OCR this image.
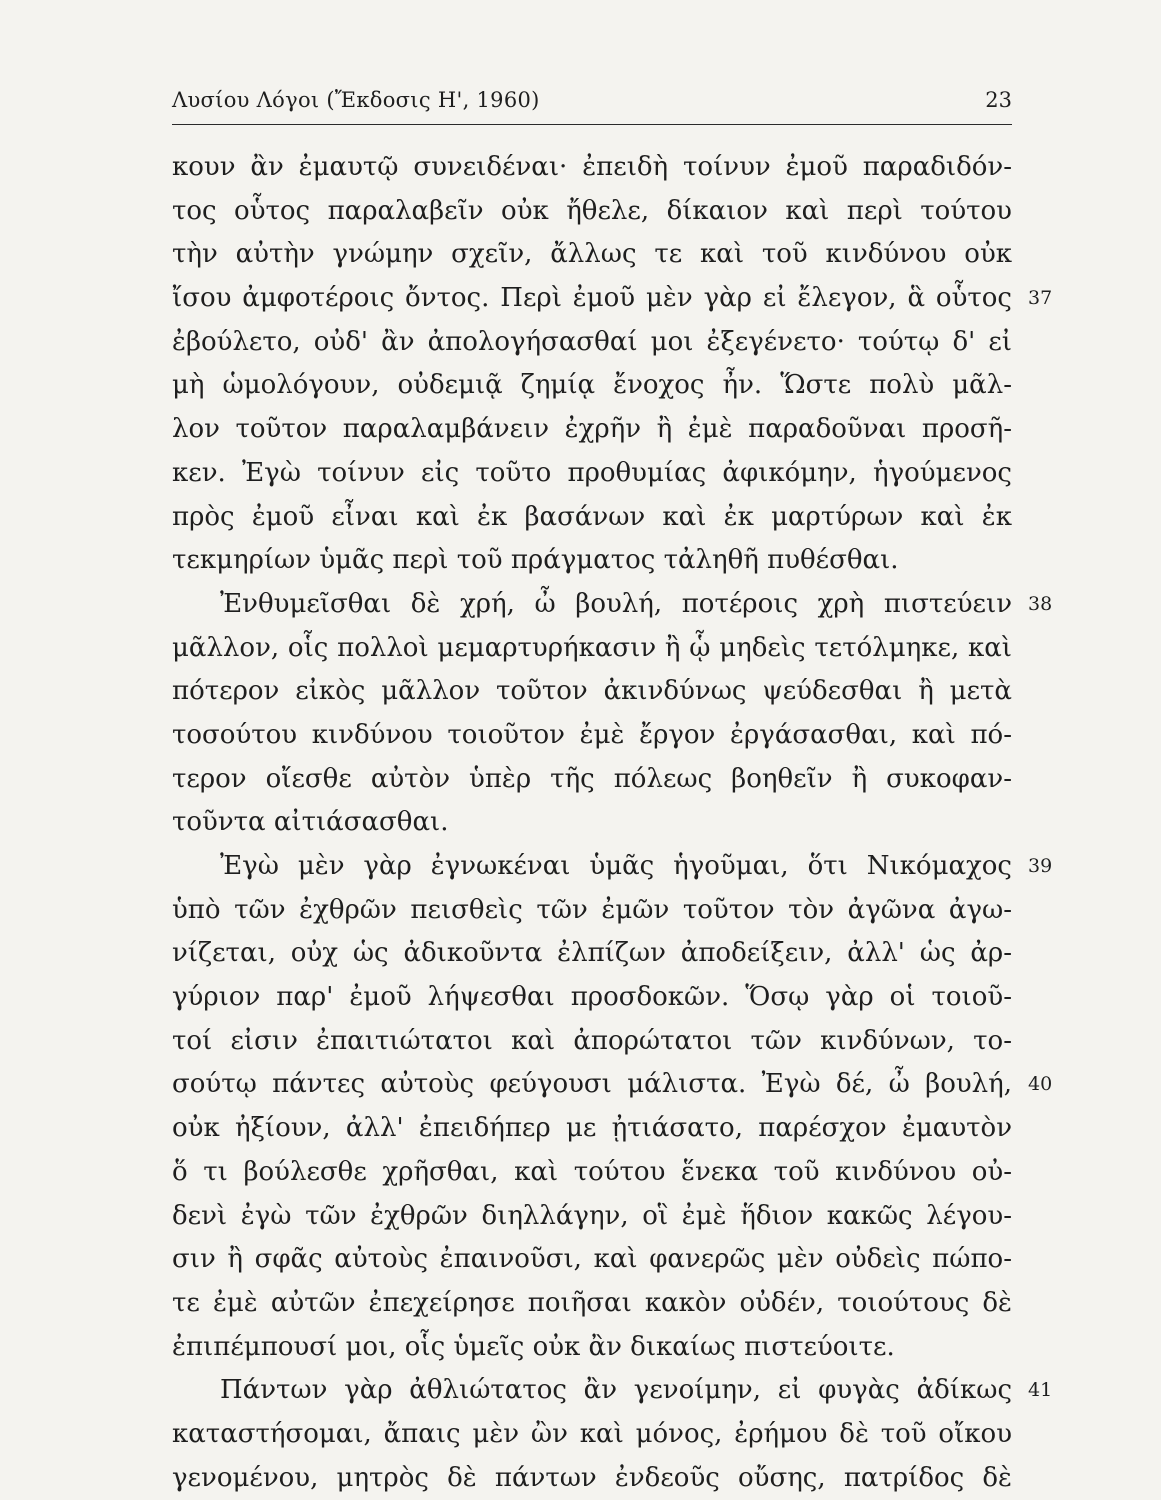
Λυσίου Λόγοι (Ἔκδοσις Η', 1960)	23
κουν ἂν ἐμαυτῷ συνειδέναι· ἐπειδὴ τοίνυν ἐμοῦ παραδιδόν-
τος οὗτος παραλαβεῖν οὐκ ἤθελε, δίκαιον καὶ περὶ τούτου
τὴν αὐτὴν γνώμην σχεῖν, ἄλλως τε καὶ τοῦ κινδύνου οὐκ
ἴσου ἀμφοτέροις ὄντος. Περὶ ἐμοῦ μὲν γὰρ εἰ ἔλεγον, ἃ οὗτος 37
ἐβούλετο, οὐδ' ἂν ἀπολογήσασθαί μοι ἐξεγένετο· τούτῳ δ' εἰ
μὴ ὡμολόγουν, οὐδεμιᾷ ζημίᾳ ἔνοχος ἦν. Ὥστε πολὺ μᾶλ-
λον τοῦτον παραλαμβάνειν ἐχρῆν ἢ ἐμὲ παραδοῦναι προσῆ-
κεν. Ἐγὼ τοίνυν εἰς τοῦτο προθυμίας ἀφικόμην, ἡγούμενος
πρὸς ἐμοῦ εἶναι καὶ ἐκ βασάνων καὶ ἐκ μαρτύρων καὶ ἐκ
τεκμηρίων ὑμᾶς περὶ τοῦ πράγματος τἀληθῆ πυθέσθαι.
Ἐνθυμεῖσθαι δὲ χρή, ὦ βουλή, ποτέροις χρὴ πιστεύειν 38
μᾶλλον, οἷς πολλοὶ μεμαρτυρήκασιν ἢ ᾧ μηδεὶς τετόλμηκε, καὶ
πότερον εἰκὸς μᾶλλον τοῦτον ἀκινδύνως ψεύδεσθαι ἢ μετὰ
τοσούτου κινδύνου τοιοῦτον ἐμὲ ἔργον ἐργάσασθαι, καὶ πό-
τερον οἴεσθε αὐτὸν ὑπὲρ τῆς πόλεως βοηθεῖν ἢ συκοφαν-
τοῦντα αἰτιάσασθαι.
Ἐγὼ μὲν γὰρ ἐγνωκέναι ὑμᾶς ἡγοῦμαι, ὅτι Νικόμαχος 39
ὑπὸ τῶν ἐχθρῶν πεισθεὶς τῶν ἐμῶν τοῦτον τὸν ἀγῶνα ἀγω-
νίζεται, οὐχ ὡς ἀδικοῦντα ἐλπίζων ἀποδείξειν, ἀλλ' ὡς ἀρ-
γύριον παρ' ἐμοῦ λήψεσθαι προσδοκῶν. Ὅσῳ γὰρ οἱ τοιοῦ-
τοί εἰσιν ἐπαιτιώτατοι καὶ ἀπορώτατοι τῶν κινδύνων, το-
σούτῳ πάντες αὐτοὺς φεύγουσι μάλιστα. Ἐγὼ δέ, ὦ βουλή, 40
οὐκ ἠξίουν, ἀλλ' ἐπειδήπερ με ᾐτιάσατο, παρέσχον ἐμαυτὸν
ὅ τι βούλεσθε χρῆσθαι, καὶ τούτου ἕνεκα τοῦ κινδύνου οὐ-
δενὶ ἐγὼ τῶν ἐχθρῶν διηλλάγην, οἳ ἐμὲ ἥδιον κακῶς λέγου-
σιν ἢ σφᾶς αὐτοὺς ἐπαινοῦσι, καὶ φανερῶς μὲν οὐδεὶς πώπο-
τε ἐμὲ αὐτῶν ἐπεχείρησε ποιῆσαι κακὸν οὐδέν, τοιούτους δὲ
ἐπιπέμπουσί μοι, οἷς ὑμεῖς οὐκ ἂν δικαίως πιστεύοιτε.
Πάντων γὰρ ἀθλιώτατος ἂν γενοίμην, εἰ φυγὰς ἀδίκως 41
καταστήσομαι, ἄπαις μὲν ὢν καὶ μόνος, ἐρήμου δὲ τοῦ οἴκου
γενομένου, μητρὸς δὲ πάντων ἐνδεοῦς οὔσης, πατρίδος δὲ
